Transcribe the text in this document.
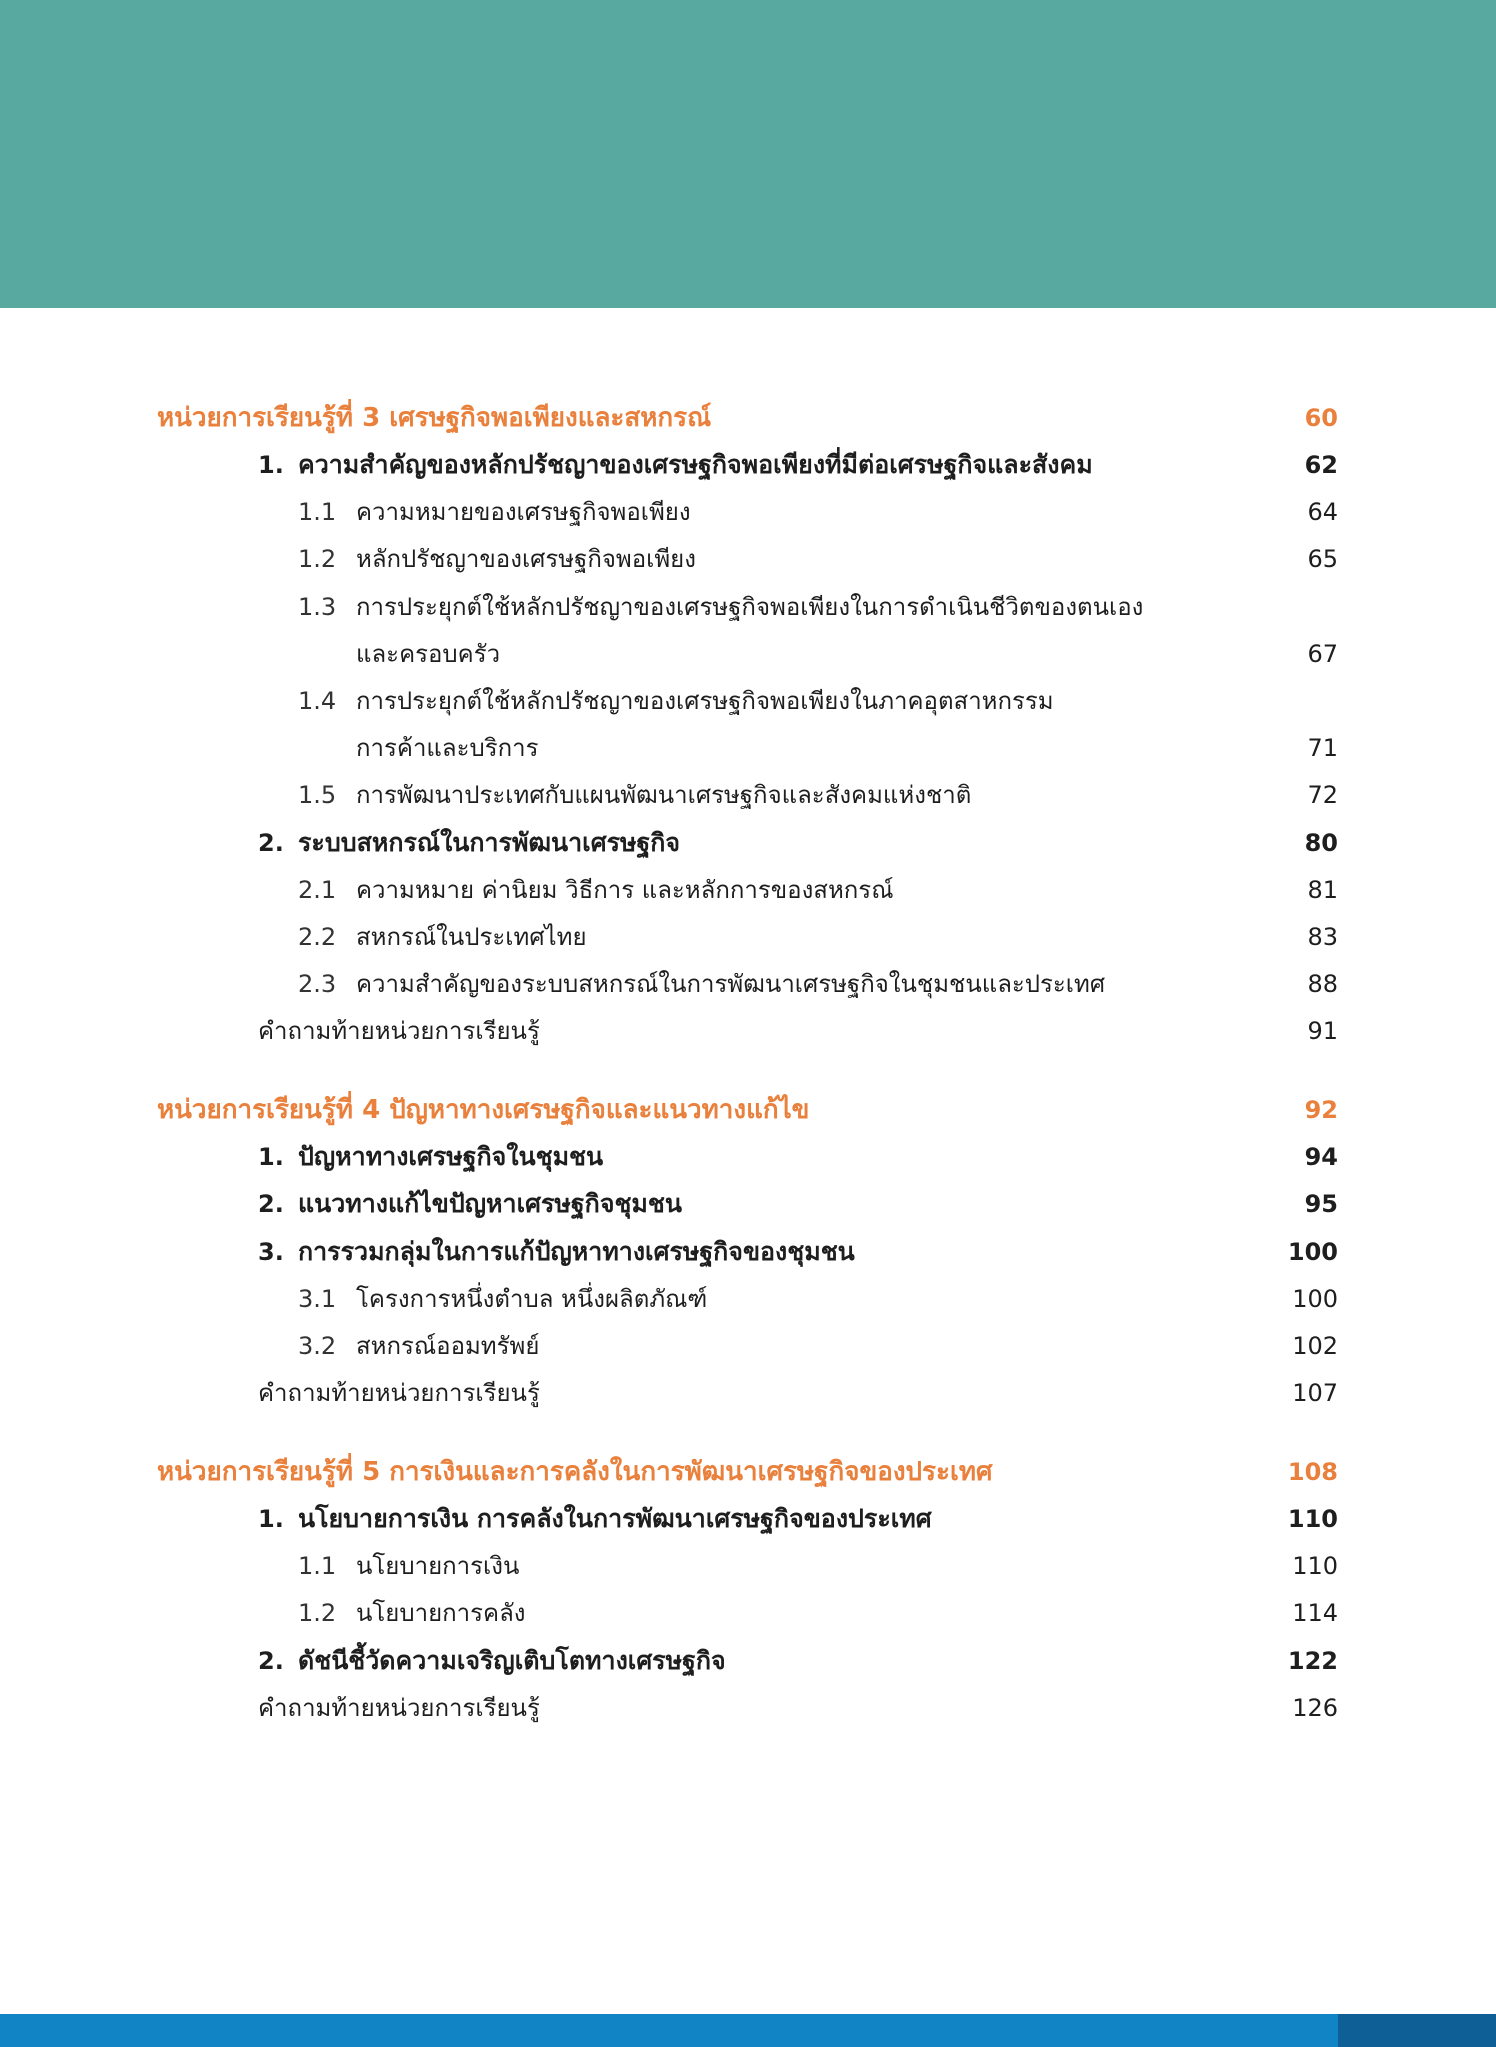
หน่วยการเรียนรู้ที่ 3 เศรษฐกิจพอเพียงและสหกรณ์	60
1. ความสำคัญของหลักปรัชญาของเศรษฐกิจพอเพียงที่มีต่อเศรษฐกิจและสังคม	62
1.1 ความหมายของเศรษฐกิจพอเพียง	64
1.2 หลักปรัชญาของเศรษฐกิจพอเพียง	65
1.3 การประยุกต์ใช้หลักปรัชญาของเศรษฐกิจพอเพียงในการดำเนินชีวิตของตนเอง
และครอบครัว	67
1.4 การประยุกต์ใช้หลักปรัชญาของเศรษฐกิจพอเพียงในภาคอุตสาหกรรม
การค้าและบริการ	71
1.5 การพัฒนาประเทศกับแผนพัฒนาเศรษฐกิจและสังคมแห่งชาติ	72
2. ระบบสหกรณ์ในการพัฒนาเศรษฐกิจ	80
2.1 ความหมาย ค่านิยม วิธีการ และหลักการของสหกรณ์	81
2.2 สหกรณ์ในประเทศไทย	83
2.3 ความสำคัญของระบบสหกรณ์ในการพัฒนาเศรษฐกิจในชุมชนและประเทศ	88
คำถามท้ายหน่วยการเรียนรู้	91
หน่วยการเรียนรู้ที่ 4 ปัญหาทางเศรษฐกิจและแนวทางแก้ไข	92
1. ปัญหาทางเศรษฐกิจในชุมชน	94
2. แนวทางแก้ไขปัญหาเศรษฐกิจชุมชน	95
3. การรวมกลุ่มในการแก้ปัญหาทางเศรษฐกิจของชุมชน	100
3.1 โครงการหนึ่งตำบล หนึ่งผลิตภัณฑ์	100
3.2 สหกรณ์ออมทรัพย์	102
คำถามท้ายหน่วยการเรียนรู้	107
หน่วยการเรียนรู้ที่ 5 การเงินและการคลังในการพัฒนาเศรษฐกิจของประเทศ	108
1. นโยบายการเงิน การคลังในการพัฒนาเศรษฐกิจของประเทศ	110
1.1 นโยบายการเงิน	110
1.2 นโยบายการคลัง	114
2. ดัชนีชี้วัดความเจริญเติบโตทางเศรษฐกิจ	122
คำถามท้ายหน่วยการเรียนรู้	126
